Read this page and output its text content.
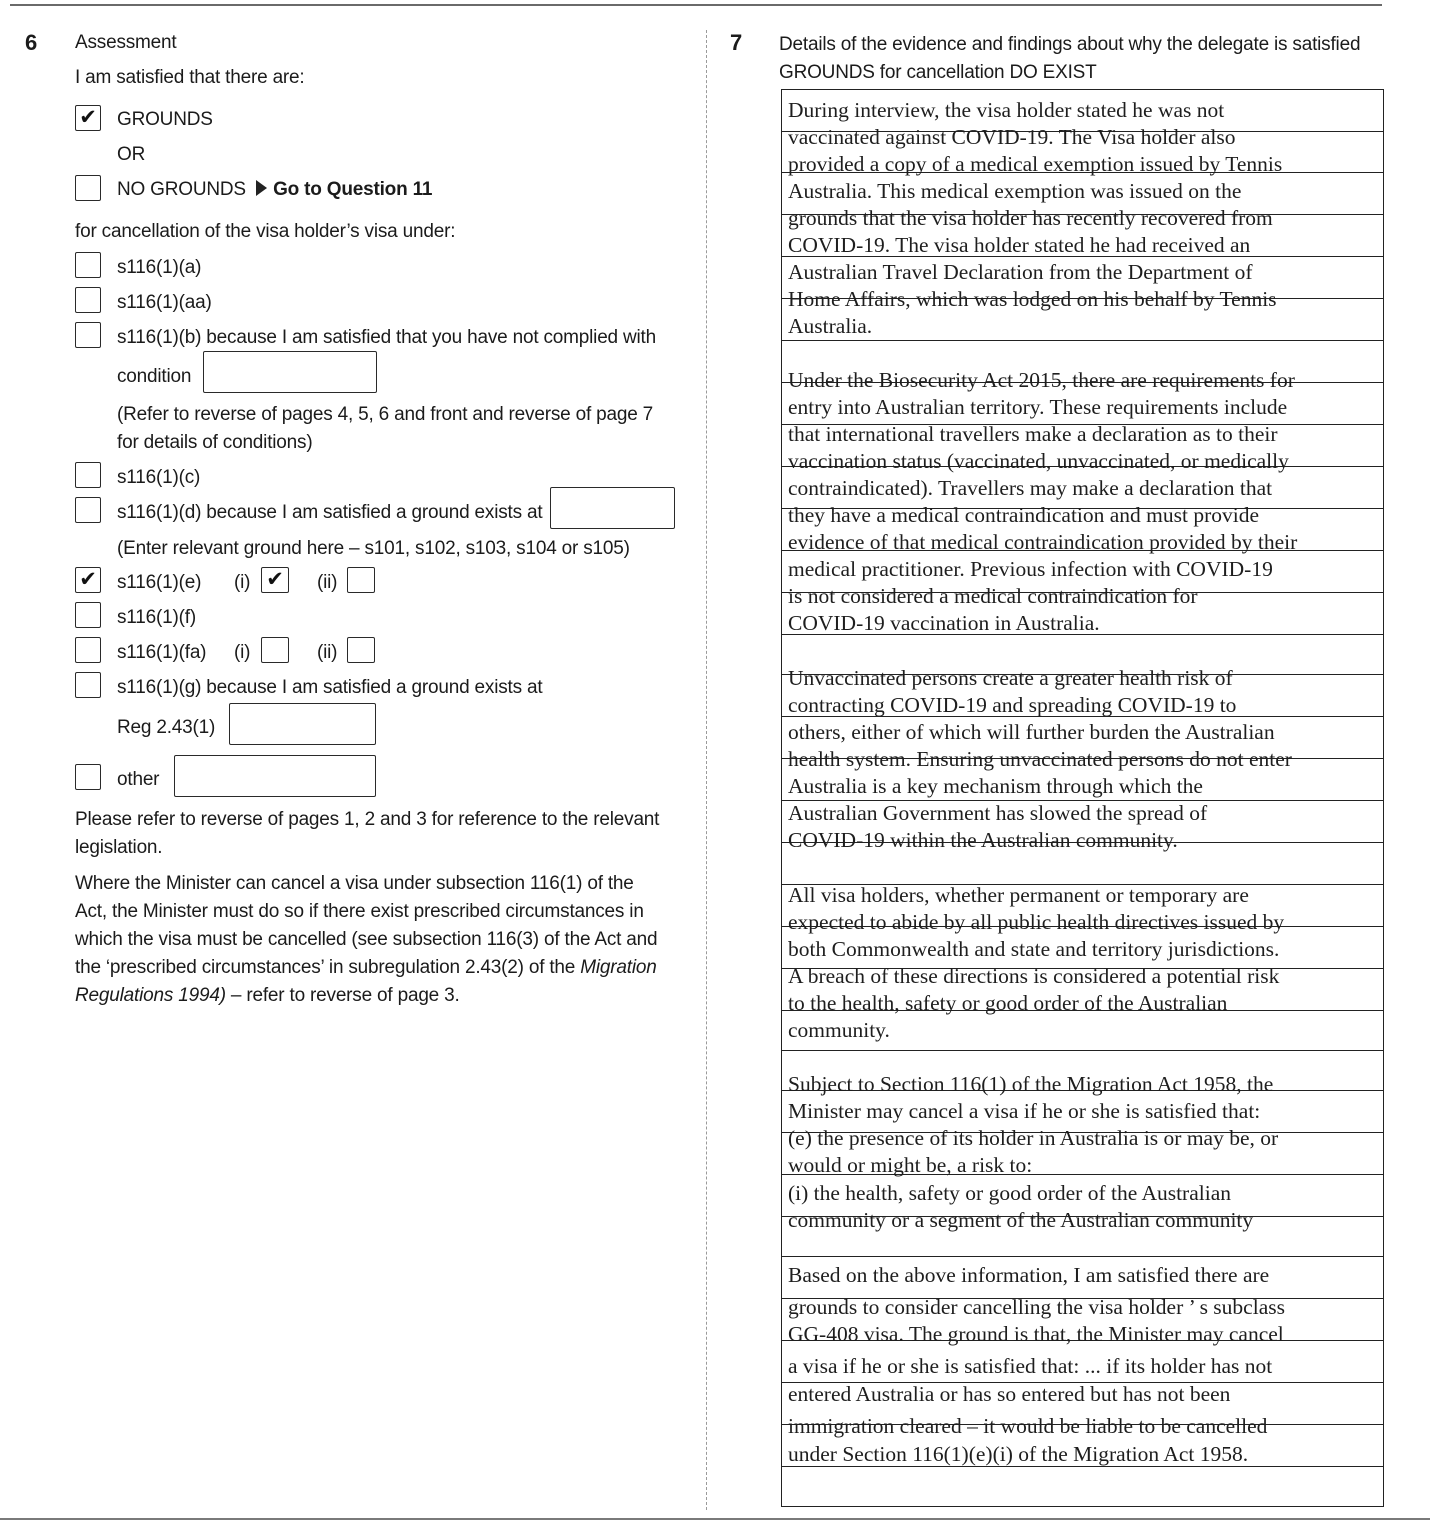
6 Assessment
I am satisfied that there are:
✔ GROUNDS
OR
NO GROUNDS Go to Question 11
for cancellation of the visa holder’s visa under:
s116(1)(a)
s116(1)(aa)
s116(1)(b) because I am satisfied that you have not complied with
condition
(Refer to reverse of pages 4, 5, 6 and front and reverse of page 7
for details of conditions)
s116(1)(c)
s116(1)(d) because I am satisfied a ground exists at
(Enter relevant ground here – s101, s102, s103, s104 or s105)
✔ s116(1)(e) (i) ✔ (ii)
s116(1)(f)
s116(1)(fa) (i)	(ii)
s116(1)(g) because I am satisfied a ground exists at
Reg 2.43(1)
other
Please refer to reverse of pages 1, 2 and 3 for reference to the relevant
legislation.
Where the Minister can cancel a visa under subsection 116(1) of the
Act, the Minister must do so if there exist prescribed circumstances in
which the visa must be cancelled (see subsection 116(3) of the Act and
the ‘prescribed circumstances’ in subregulation 2.43(2) of the Migration
Regulations 1994) – refer to reverse of page 3.
7 Details of the evidence and findings about why the delegate is satisfied
GROUNDS for cancellation DO EXIST
During interview, the visa holder stated he was not
vaccinated against COVID-19. The Visa holder also
provided a copy of a medical exemption issued by Tennis
Australia. This medical exemption was issued on the
grounds that the visa holder has recently recovered from
COVID-19. The visa holder stated he had received an
Australian Travel Declaration from the Department of
Home Affairs, which was lodged on his behalf by Tennis
Australia.
Under the Biosecurity Act 2015, there are requirements for
entry into Australian territory. These requirements include
that international travellers make a declaration as to their
vaccination status (vaccinated, unvaccinated, or medically
contraindicated). Travellers may make a declaration that
they have a medical contraindication and must provide
evidence of that medical contraindication provided by their
medical practitioner. Previous infection with COVID-19
is not considered a medical contraindication for
COVID-19 vaccination in Australia.
Unvaccinated persons create a greater health risk of
contracting COVID-19 and spreading COVID-19 to
others, either of which will further burden the Australian
health system. Ensuring unvaccinated persons do not enter
Australia is a key mechanism through which the
Australian Government has slowed the spread of
COVID-19 within the Australian community.
All visa holders, whether permanent or temporary are
expected to abide by all public health directives issued by
both Commonwealth and state and territory jurisdictions.
A breach of these directions is considered a potential risk
to the health, safety or good order of the Australian
community.
Subject to Section 116(1) of the Migration Act 1958, the
Minister may cancel a visa if he or she is satisfied that:
(e) the presence of its holder in Australia is or may be, or
would or might be, a risk to:
(i) the health, safety or good order of the Australian
community or a segment of the Australian community
Based on the above information, I am satisfied there are
grounds to consider cancelling the visa holder ’ s subclass
GG-408 visa. The ground is that, the Minister may cancel
a visa if he or she is satisfied that: ... if its holder has not
entered Australia or has so entered but has not been
immigration cleared – it would be liable to be cancelled
under Section 116(1)(e)(i) of the Migration Act 1958.
